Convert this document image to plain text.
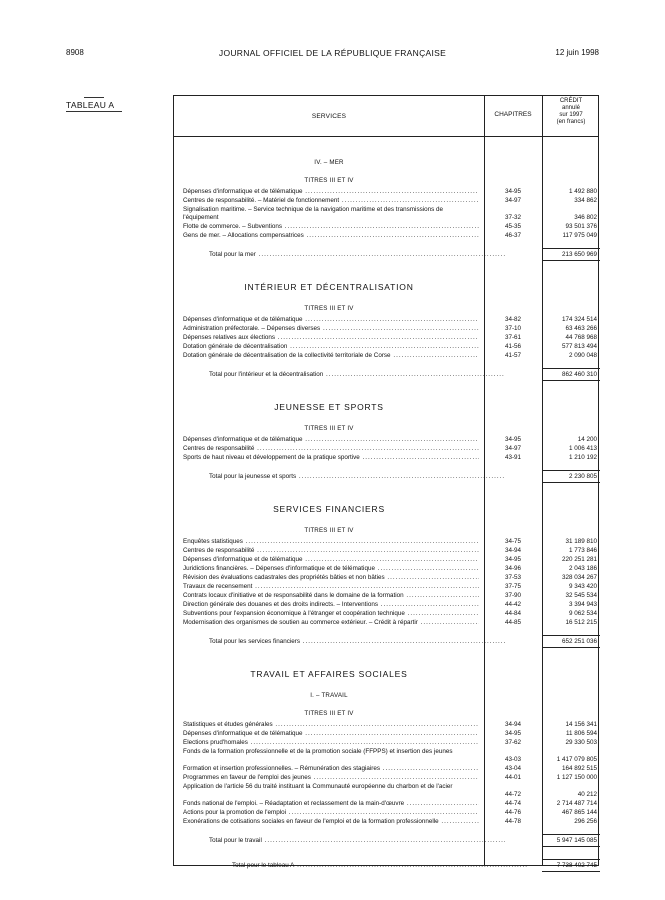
8908	JOURNAL OFFICIEL DE LA RÉPUBLIQUE FRANÇAISE	12 juin 1998
TABLEAU A
SERVICES	CHAPITRES
CRÉDIT
annulé
sur 1997
(en francs)
IV. – MER
TITRES III ET IV
Dépenses d'informatique et de télématique .....	34-95	1 492 880
Centres de responsabilité. – Matériel de fonctionnement .....	34-97	334 862
Signalisation maritime. – Service technique de la navigation maritime et des transmissions de l'équipement	37-32	346 802
Flotte de commerce. – Subventions .....	45-35	93 501 376
Gens de mer. – Allocations compensatrices .....	46-37	117 975 049
Total pour la mer .....	213 650 969
INTÉRIEUR ET DÉCENTRALISATION
TITRES III ET IV
Dépenses d'informatique et de télématique .....	34-82	174 324 514
Administration préfectorale. – Dépenses diverses .....	37-10	63 463 266
Dépenses relatives aux élections .....	37-61	44 768 968
Dotation générale de décentralisation .....	41-56	577 813 494
Dotation générale de décentralisation de la collectivité territoriale de Corse .....	41-57	2 090 048
Total pour l'intérieur et la décentralisation .....	862 460 310
JEUNESSE ET SPORTS
TITRES III ET IV
Dépenses d'informatique et de télématique .....	34-95	14 200
Centres de responsabilité .....	34-97	1 006 413
Sports de haut niveau et développement de la pratique sportive .....	43-91	1 210 192
Total pour la jeunesse et sports .....	2 230 805
SERVICES FINANCIERS
TITRES III ET IV
Enquêtes statistiques .....	34-75	31 189 810
Centres de responsabilité .....	34-94	1 773 846
Dépenses d'informatique et de télématique .....	34-95	220 251 281
Juridictions financières. – Dépenses d'informatique et de télématique .....	34-96	2 043 186
Révision des évaluations cadastrales des propriétés bâties et non bâties .....	37-53	328 034 267
Travaux de recensement .....	37-75	9 343 420
Contrats locaux d'initiative et de responsabilité dans le domaine de la formation .....	37-90	32 545 534
Direction générale des douanes et des droits indirects. – Interventions .....	44-42	3 394 943
Subventions pour l'expansion économique à l'étranger et coopération technique .....	44-84	9 062 534
Modernisation des organismes de soutien au commerce extérieur. – Crédit à répartir .....	44-85	16 512 215
Total pour les services financiers .....	652 251 036
TRAVAIL ET AFFAIRES SOCIALES
I. – TRAVAIL
TITRES III ET IV
Statistiques et études générales .....	34-94	14 156 341
Dépenses d'informatique et de télématique .....	34-95	11 806 594
Élections prud'homales .....	37-62	29 330 503
Fonds de la formation professionnelle et de la promotion sociale (FFPPS) et insertion des jeunes
43-03	1 417 079 805
Formation et insertion professionnelles. – Rémunération des stagiaires .....	43-04	164 892 515
Programmes en faveur de l'emploi des jeunes .....	44-01	1 127 150 000
Application de l'article 56 du traité instituant la Communauté européenne du charbon et de l'acier
44-72	40 212
Fonds national de l'emploi. – Réadaptation et reclassement de la main-d'œuvre .....	44-74	2 714 487 714
Actions pour la promotion de l'emploi .....	44-76	467 865 144
Exonérations de cotisations sociales en faveur de l'emploi et de la formation professionnelle .....	44-78	296 256
Total pour le travail .....	5 947 145 085
Total pour le tableau A .....	7 738 402 745
